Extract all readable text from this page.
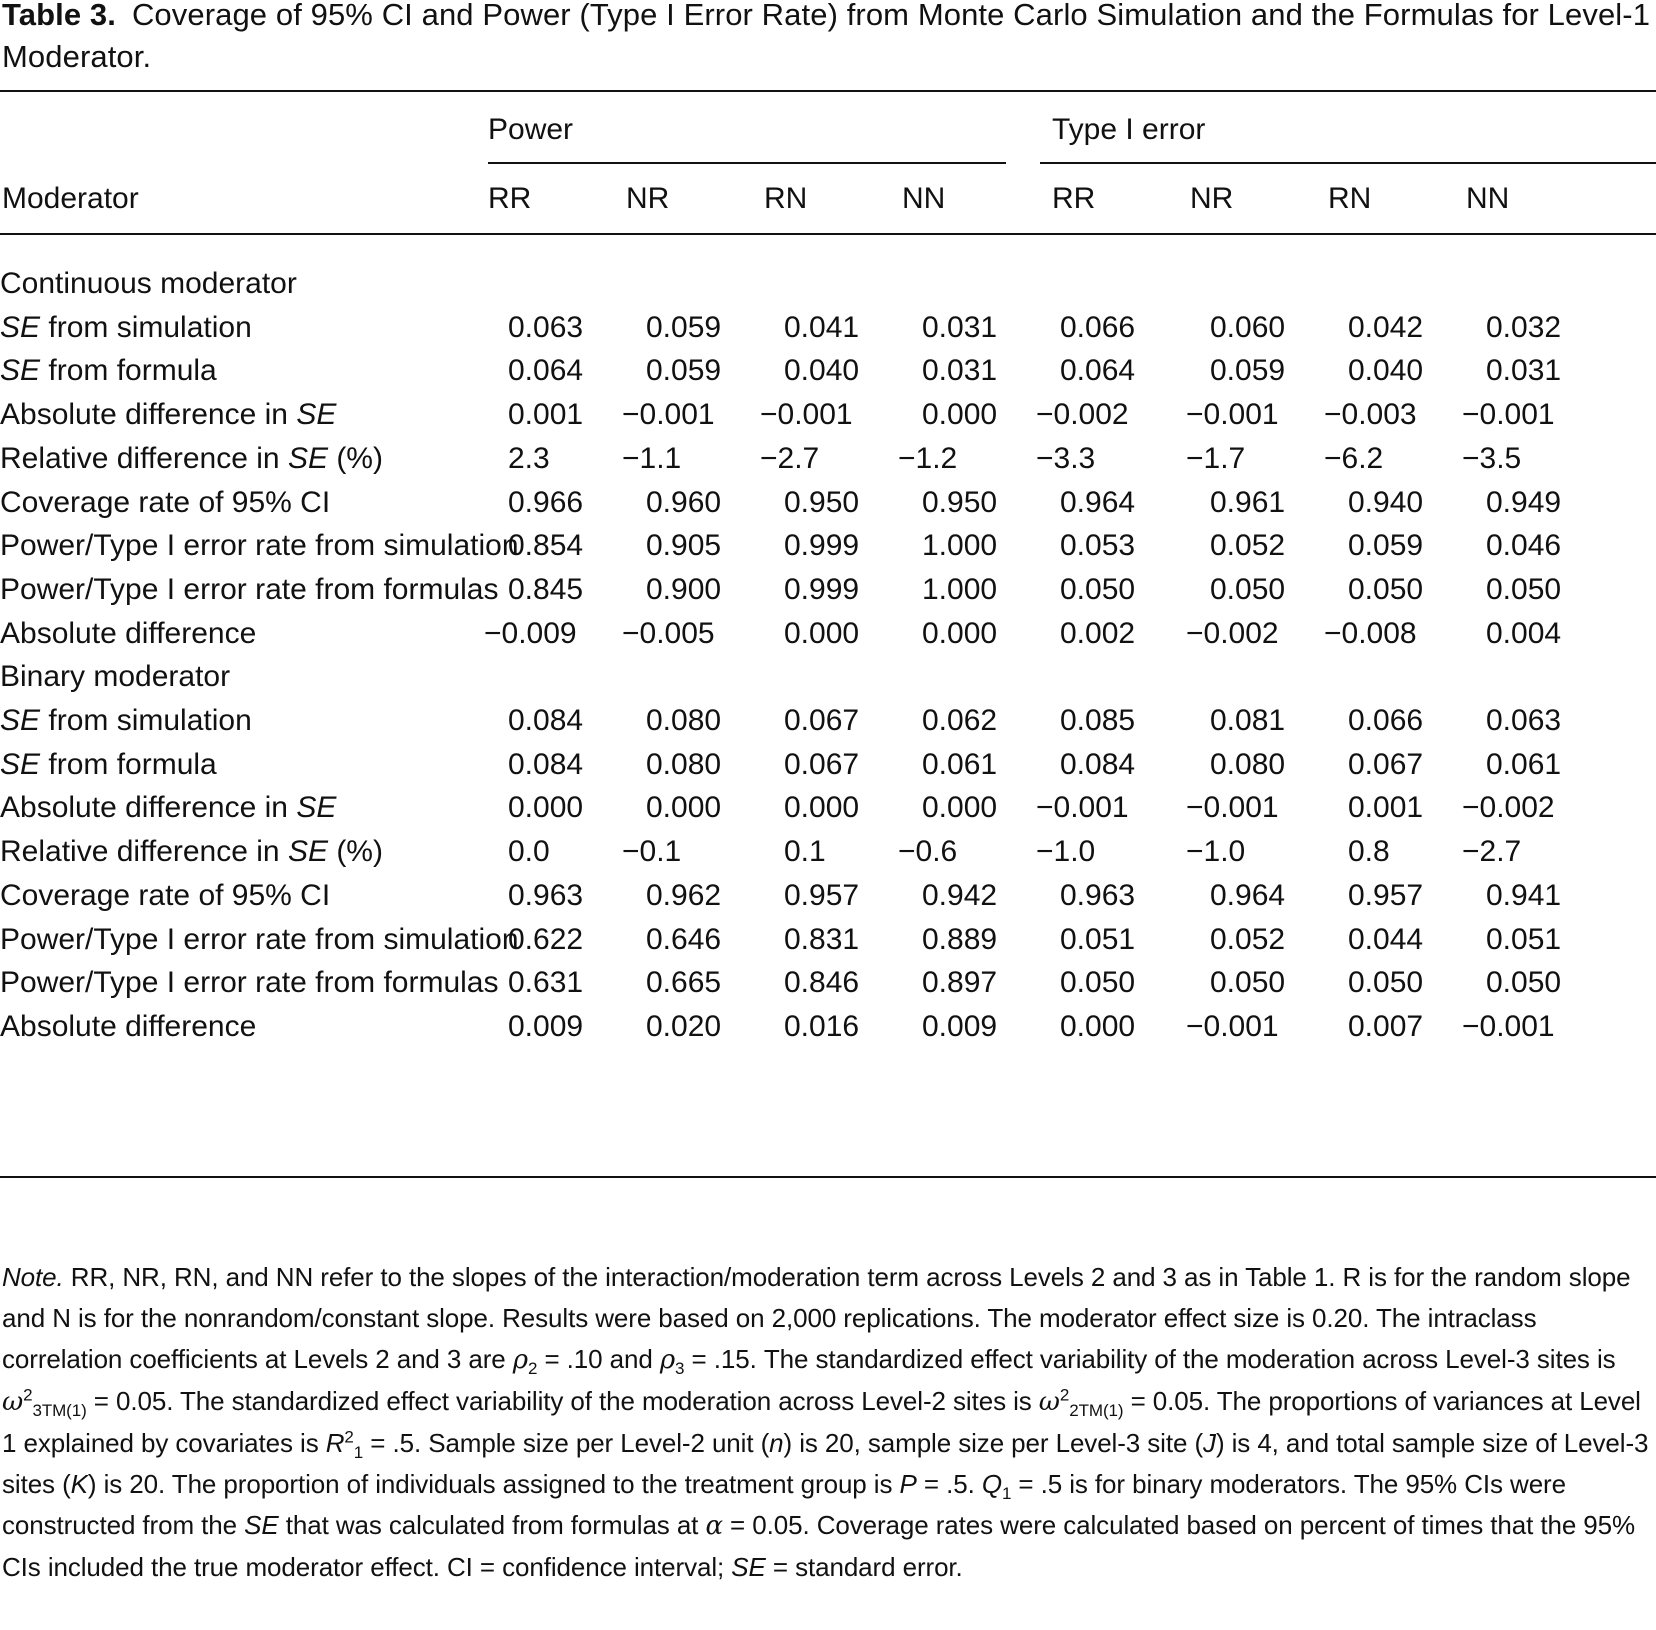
Table 3. Coverage of 95% CI and Power (Type I Error Rate) from Monte Carlo Simulation and the Formulas for Level-1 Moderator.
Power	Type I error
Moderator	RR	NR	RN	NN	RR	NR	RN	NN
Continuous moderator								

SE from simulation	0.063	0.059	0.041	0.031	0.066	0.060	0.042	0.032

SE from formula	0.064	0.059	0.040	0.031	0.064	0.059	0.040	0.031

Absolute difference in SE	0.001	−0.001	−0.001	0.000	−0.002	−0.001	−0.003	−0.001

Relative difference in SE (%)	2.3	−1.1	−2.7	−1.2	−3.3	−1.7	−6.2	−3.5

Coverage rate of 95% CI	0.966	0.960	0.950	0.950	0.964	0.961	0.940	0.949

Power/Type I error rate from simulation	0.854	0.905	0.999	1.000	0.053	0.052	0.059	0.046

Power/Type I error rate from formulas	0.845	0.900	0.999	1.000	0.050	0.050	0.050	0.050

Absolute difference	−0.009	−0.005	0.000	0.000	0.002	−0.002	−0.008	0.004
Binary moderator								

SE from simulation	0.084	0.080	0.067	0.062	0.085	0.081	0.066	0.063

SE from formula	0.084	0.080	0.067	0.061	0.084	0.080	0.067	0.061

Absolute difference in SE	0.000	0.000	0.000	0.000	−0.001	−0.001	0.001	−0.002

Relative difference in SE (%)	0.0	−0.1	0.1	−0.6	−1.0	−1.0	0.8	−2.7

Coverage rate of 95% CI	0.963	0.962	0.957	0.942	0.963	0.964	0.957	0.941

Power/Type I error rate from simulation	0.622	0.646	0.831	0.889	0.051	0.052	0.044	0.051

Power/Type I error rate from formulas	0.631	0.665	0.846	0.897	0.050	0.050	0.050	0.050

Absolute difference	0.009	0.020	0.016	0.009	0.000	−0.001	0.007	−0.001
Note. RR, NR, RN, and NN refer to the slopes of the interaction/moderation term across Levels 2 and 3 as in Table 1. R is for the random slope and N is for the nonrandom/constant slope. Results were based on 2,000 replications. The moderator effect size is 0.20. The intraclass correlation coefficients at Levels 2 and 3 are $\rho_2 = .10$ and $\rho_3 = .15$. The standardized effect variability of the moderation across Level-3 sites is $\omega^2_{3TM(1)} = 0.05$. The standardized effect variability of the moderation across Level-2 sites is $\omega^2_{2TM(1)} = 0.05$. The proportions of variances at Level 1 explained by covariates is $R^2_1 = .5$. Sample size per Level-2 unit (n) is 20, sample size per Level-3 site (J) is 4, and total sample size of Level-3 sites (K) is 20. The proportion of individuals assigned to the treatment group is P = .5. $Q_1 = .5$ is for binary moderators. The 95% CIs were constructed from the SE that was calculated from formulas at α = 0.05. Coverage rates were calculated based on percent of times that the 95% CIs included the true moderator effect. CI = confidence interval; SE = standard error.
